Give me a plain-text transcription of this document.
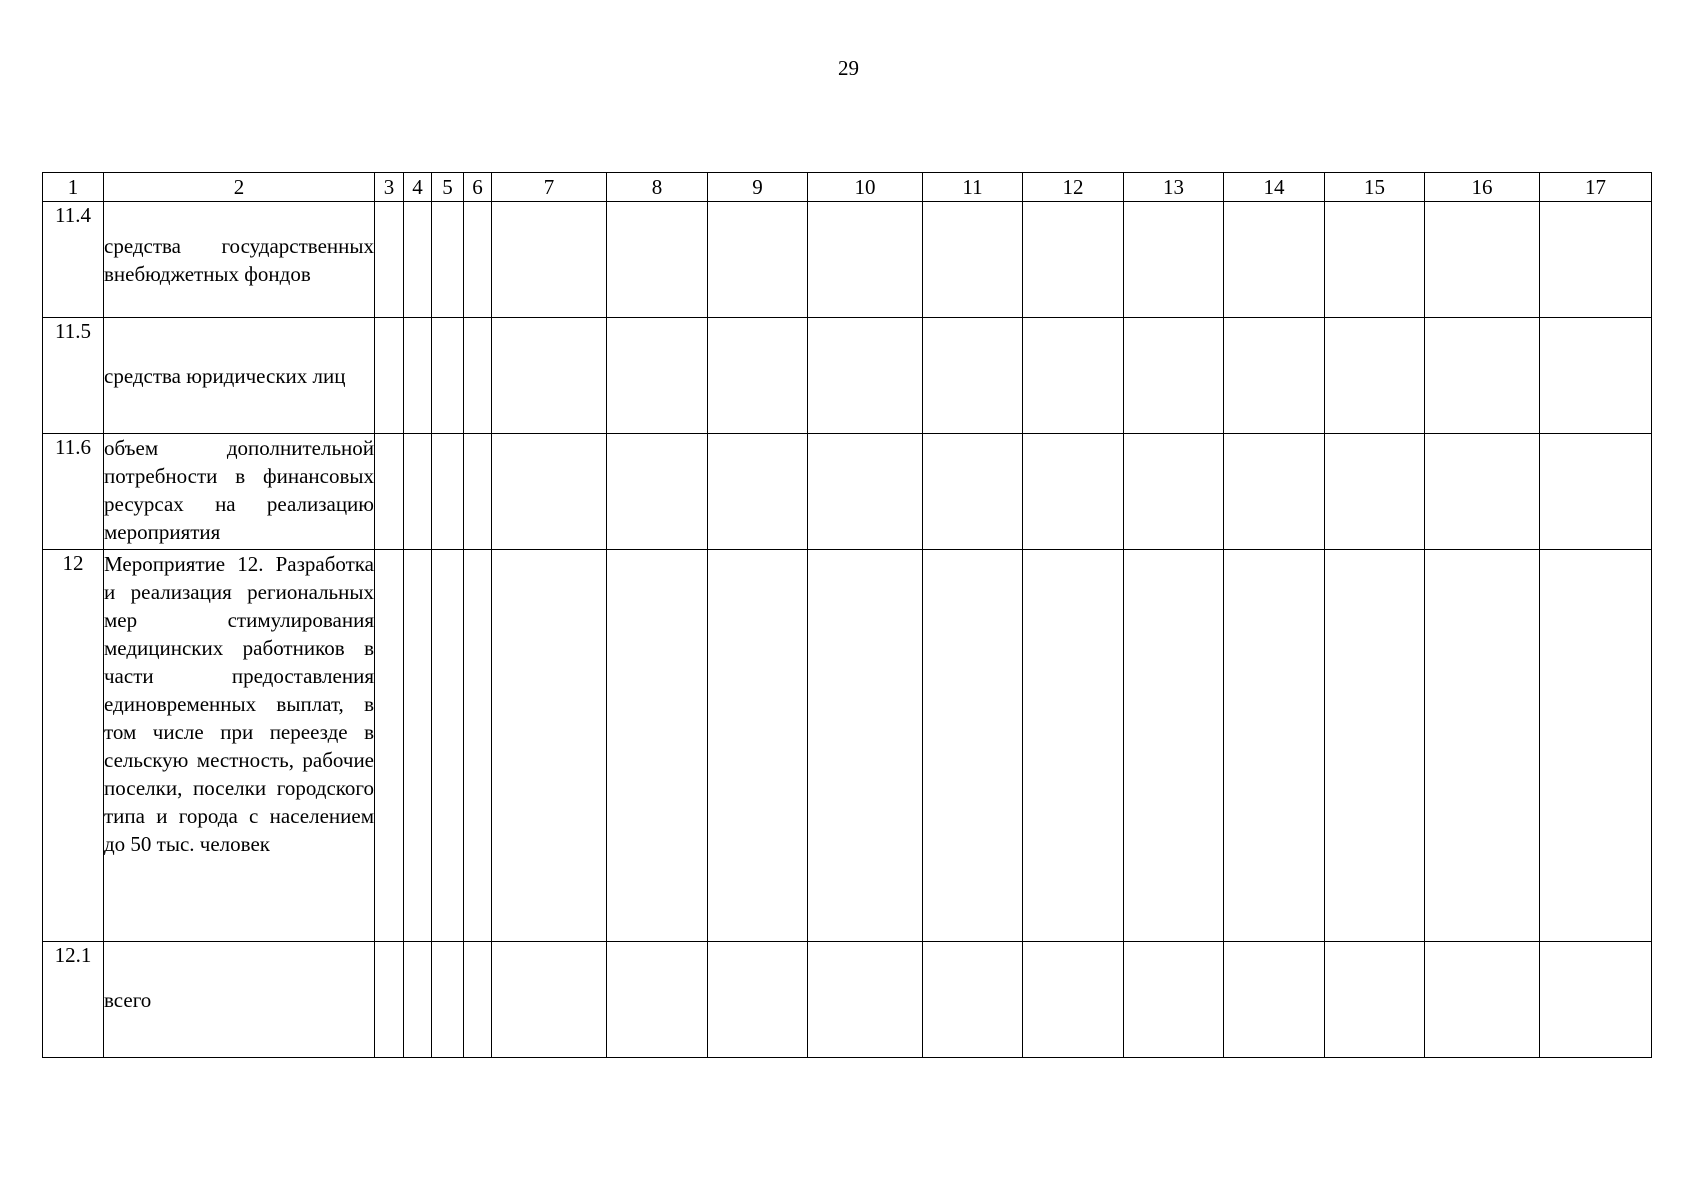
29
1	2	3	4	5	6	7	8	9	10	11	12	13	14	15	16	17
11.4	средства государственных внебюджетных фондов															

11.5	средства юридических лиц															

11.6	объем дополнительной потребности в финансовых ресурсах на реализацию мероприятия															

12	Мероприятие 12. Разработка и реализация региональных мер стимулирования медицинских работников в части предоставления единовременных выплат, в том числе при переезде в сельскую местность, рабочие поселки, поселки городского типа и города с населением до 50 тыс. человек															

12.1	всего															
